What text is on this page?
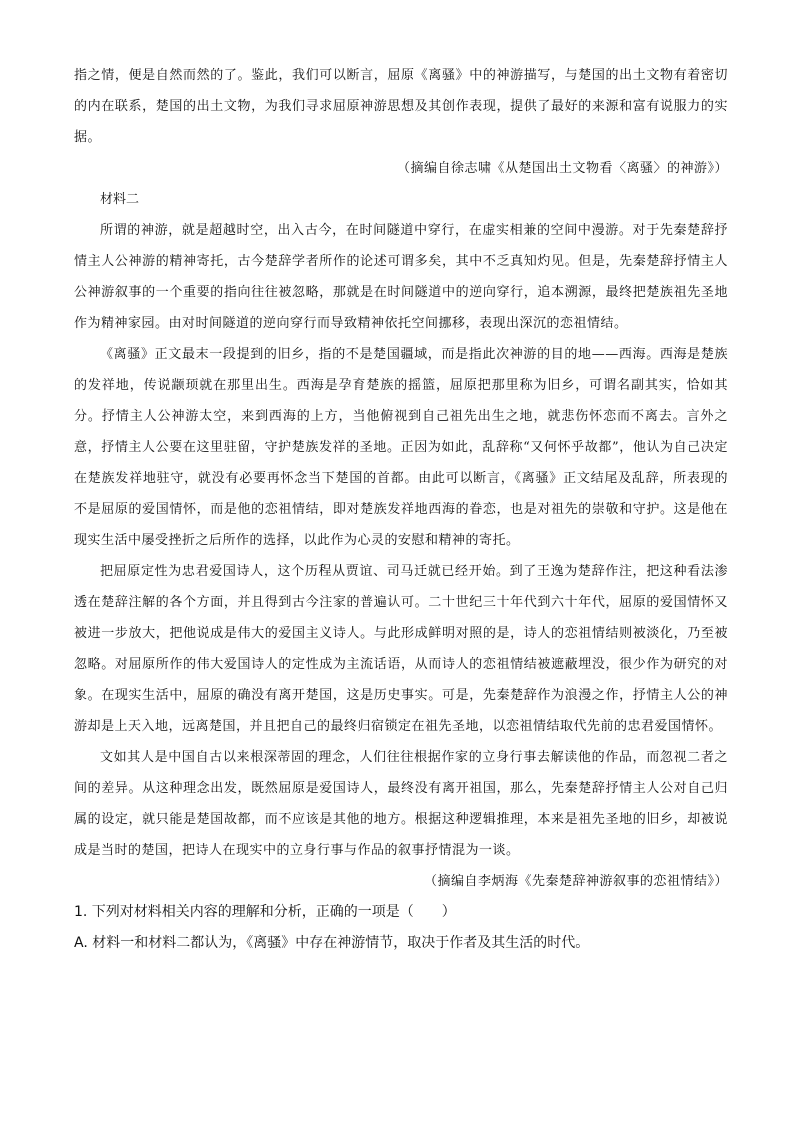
指之情，便是自然而然的了。鉴此，我们可以断言，屈原《离骚》中的神游描写，与楚国的出土文物有着密切的内在联系，楚国的出土文物，为我们寻求屈原神游思想及其创作表现，提供了最好的来源和富有说服力的实据。

（摘编自徐志啸《从楚国出土文物看〈离骚〉的神游》）

材料二

所谓的神游，就是超越时空，出入古今，在时间隧道中穿行，在虚实相兼的空间中漫游。对于先秦楚辞抒情主人公神游的精神寄托，古今楚辞学者所作的论述可谓多矣，其中不乏真知灼见。但是，先秦楚辞抒情主人公神游叙事的一个重要的指向往往被忽略，那就是在时间隧道中的逆向穿行，追本溯源，最终把楚族祖先圣地作为精神家园。由对时间隧道的逆向穿行而导致精神依托空间挪移，表现出深沉的恋祖情结。

《离骚》正文最末一段提到的旧乡，指的不是楚国疆域，而是指此次神游的目的地——西海。西海是楚族的发祥地，传说颛顼就在那里出生。西海是孕育楚族的摇篮，屈原把那里称为旧乡，可谓名副其实，恰如其分。抒情主人公神游太空，来到西海的上方，当他俯视到自己祖先出生之地，就悲伤怀恋而不离去。言外之意，抒情主人公要在这里驻留，守护楚族发祥的圣地。正因为如此，乱辞称“又何怀乎故都”，他认为自己决定在楚族发祥地驻守，就没有必要再怀念当下楚国的首都。由此可以断言，《离骚》正文结尾及乱辞，所表现的不是屈原的爱国情怀，而是他的恋祖情结，即对楚族发祥地西海的眷恋，也是对祖先的崇敬和守护。这是他在现实生活中屡受挫折之后所作的选择，以此作为心灵的安慰和精神的寄托。

把屈原定性为忠君爱国诗人，这个历程从贾谊、司马迁就已经开始。到了王逸为楚辞作注，把这种看法渗透在楚辞注解的各个方面，并且得到古今注家的普遍认可。二十世纪三十年代到六十年代，屈原的爱国情怀又被进一步放大，把他说成是伟大的爱国主义诗人。与此形成鲜明对照的是，诗人的恋祖情结则被淡化，乃至被忽略。对屈原所作的伟大爱国诗人的定性成为主流话语，从而诗人的恋祖情结被遮蔽埋没，很少作为研究的对象。在现实生活中，屈原的确没有离开楚国，这是历史事实。可是，先秦楚辞作为浪漫之作，抒情主人公的神游却是上天入地，远离楚国，并且把自己的最终归宿锁定在祖先圣地，以恋祖情结取代先前的忠君爱国情怀。

文如其人是中国自古以来根深蒂固的理念，人们往往根据作家的立身行事去解读他的作品，而忽视二者之间的差异。从这种理念出发，既然屈原是爱国诗人，最终没有离开祖国，那么，先秦楚辞抒情主人公对自己归属的设定，就只能是楚国故都，而不应该是其他的地方。根据这种逻辑推理，本来是祖先圣地的旧乡，却被说成是当时的楚国，把诗人在现实中的立身行事与作品的叙事抒情混为一谈。

（摘编自李炳海《先秦楚辞神游叙事的恋祖情结》）

1. 下列对材料相关内容的理解和分析，正确的一项是（　　）

A. 材料一和材料二都认为，《离骚》中存在神游情节，取决于作者及其生活的时代。
